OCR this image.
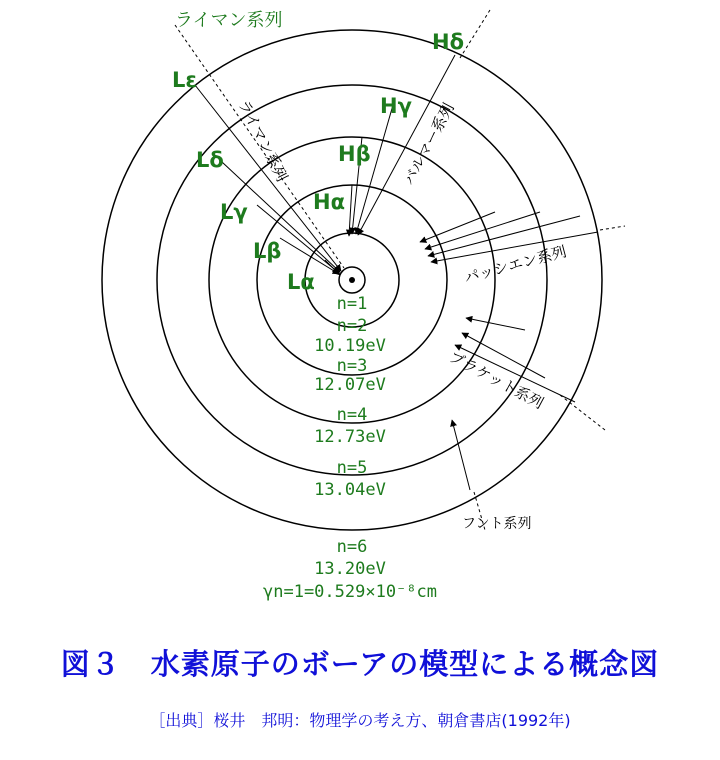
ライマン系列
ライマン系列	バルマー系列
パッシエン系列
ブラケット系列
フント系列
Lα
Lβ
Lγ
Lδ
Lε
Hα
Hβ
Hγ
Hδ
n=1
n=2
10.19eV
n=3
12.07eV
n=4
12.73eV
n=5
13.04eV
n=6
13.20eV
γn=1=0.529×10⁻⁸cm
図３　水素原子のボーアの模型による概念図
［出典］桜井　邦明：物理学の考え方、朝倉書店(1992年)
